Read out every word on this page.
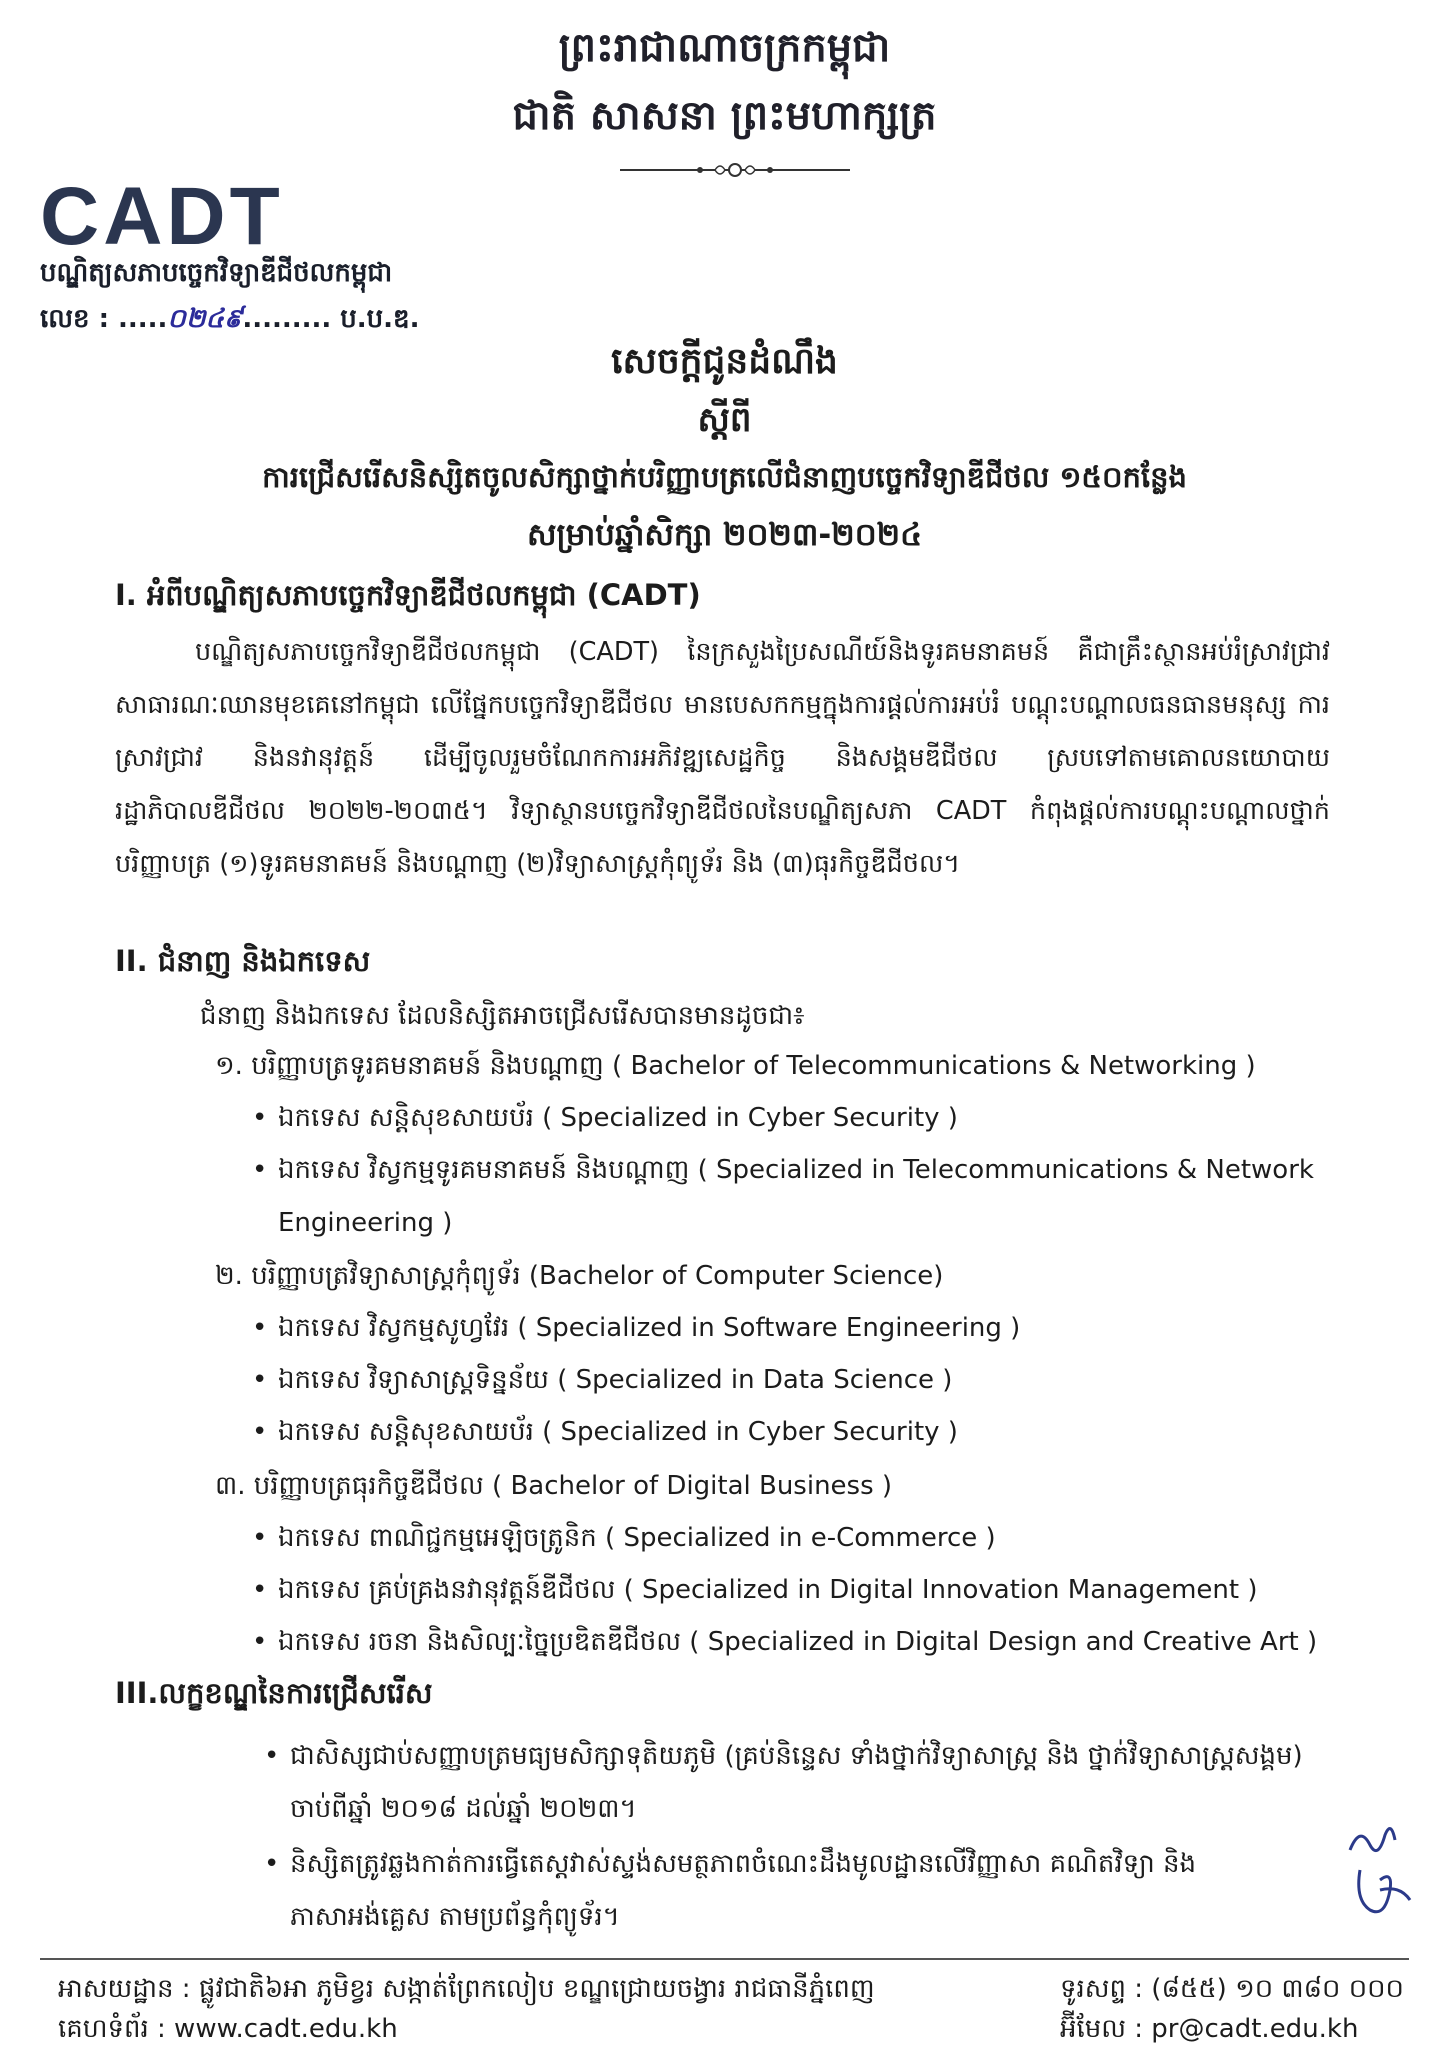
ព្រះរាជាណាចក្រកម្ពុជា
ជាតិ សាសនា ព្រះមហាក្សត្រ
CADT
បណ្ឌិត្យសភាបច្ចេកវិទ្យាឌីជីថលកម្ពុជា
លេខ : .....០២៤៩......... ប.ប.ឌ.
សេចក្ដីជូនដំណឹង
ស្ដីពី
ការជ្រើសរើសនិស្សិតចូលសិក្សាថ្នាក់បរិញ្ញាបត្រលើជំនាញបច្ចេកវិទ្យាឌីជីថល ១៥០កន្លែង
សម្រាប់ឆ្នាំសិក្សា ២០២៣-២០២៤
I. អំពីបណ្ឌិត្យសភាបច្ចេកវិទ្យាឌីជីថលកម្ពុជា (CADT)
បណ្ឌិត្យសភាបច្ចេកវិទ្យាឌីជីថលកម្ពុជា (CADT) នៃក្រសួងប្រៃសណីយ៍និងទូរគមនាគមន៍ គឺជាគ្រឹះស្ថានអប់រំស្រាវជ្រាវសាធារណៈឈានមុខគេនៅកម្ពុជា លើផ្នែកបច្ចេកវិទ្យាឌីជីថល មានបេសកកម្មក្នុងការផ្ដល់ការអប់រំ បណ្ដុះបណ្ដាលធនធានមនុស្ស ការស្រាវជ្រាវ និងនវានុវត្តន៍ ដើម្បីចូលរួមចំណែកការអភិវឌ្ឍសេដ្ឋកិច្ច និងសង្គមឌីជីថល ស្របទៅតាមគោលនយោបាយរដ្ឋាភិបាលឌីជីថល ២០២២-២០៣៥។ វិទ្យាស្ថានបច្ចេកវិទ្យាឌីជីថលនៃបណ្ឌិត្យសភា CADT កំពុងផ្ដល់ការបណ្ដុះបណ្ដាលថ្នាក់បរិញ្ញាបត្រ (១)ទូរគមនាគមន៍ និងបណ្ដាញ (២)វិទ្យាសាស្ត្រកុំព្យូទ័រ និង (៣)ធុរកិច្ចឌីជីថល។
II. ជំនាញ និងឯកទេស
ជំនាញ និងឯកទេស ដែលនិស្សិតអាចជ្រើសរើសបានមានដូចជា៖
១. បរិញ្ញាបត្រទូរគមនាគមន៍ និងបណ្ដាញ ( Bachelor of Telecommunications & Networking )
• ឯកទេស សន្តិសុខសាយប័រ ( Specialized in Cyber Security )
• ឯកទេស វិស្វកម្មទូរគមនាគមន៍ និងបណ្ដាញ ( Specialized in Telecommunications & Network Engineering )
២. បរិញ្ញាបត្រវិទ្យាសាស្ត្រកុំព្យូទ័រ (Bachelor of Computer Science)
• ឯកទេស វិស្វកម្មសូហ្វវែរ ( Specialized in Software Engineering )
• ឯកទេស វិទ្យាសាស្ត្រទិន្នន័យ ( Specialized in Data Science )
• ឯកទេស សន្តិសុខសាយប័រ ( Specialized in Cyber Security )
៣. បរិញ្ញាបត្រធុរកិច្ចឌីជីថល ( Bachelor of Digital Business )
• ឯកទេស ពាណិជ្ជកម្មអេឡិចត្រូនិក ( Specialized in e-Commerce )
• ឯកទេស គ្រប់គ្រងនវានុវត្តន៍ឌីជីថល ( Specialized in Digital Innovation Management )
• ឯកទេស រចនា និងសិល្បៈច្នៃប្រឌិតឌីជីថល ( Specialized in Digital Design and Creative Art )
III.លក្ខខណ្ឌនៃការជ្រើសរើស
• ជាសិស្សជាប់សញ្ញាបត្រមធ្យមសិក្សាទុតិយភូមិ (គ្រប់និន្ទេស ទាំងថ្នាក់វិទ្យាសាស្ត្រ និង ថ្នាក់វិទ្យាសាស្ត្រសង្គម) ចាប់ពីឆ្នាំ ២០១៨ ដល់ឆ្នាំ ២០២៣។
• និស្សិតត្រូវឆ្លងកាត់ការធ្វើតេស្តវាស់ស្ទង់សមត្ថភាពចំណេះដឹងមូលដ្ឋានលើវិញ្ញាសា គណិតវិទ្យា និងភាសាអង់គ្លេស តាមប្រព័ន្ធកុំព្យូទ័រ។
អាសយដ្ឋាន : ផ្លូវជាតិ៦អា ភូមិខ្វរ សង្កាត់ព្រែកលៀប ខណ្ឌជ្រោយចង្វារ រាជធានីភ្នំពេញ
គេហទំព័រ : www.cadt.edu.kh
ទូរសព្ទ : (៨៥៥) ១០ ៣៨០ ០០០
អ៊ីមែល : pr@cadt.edu.kh
